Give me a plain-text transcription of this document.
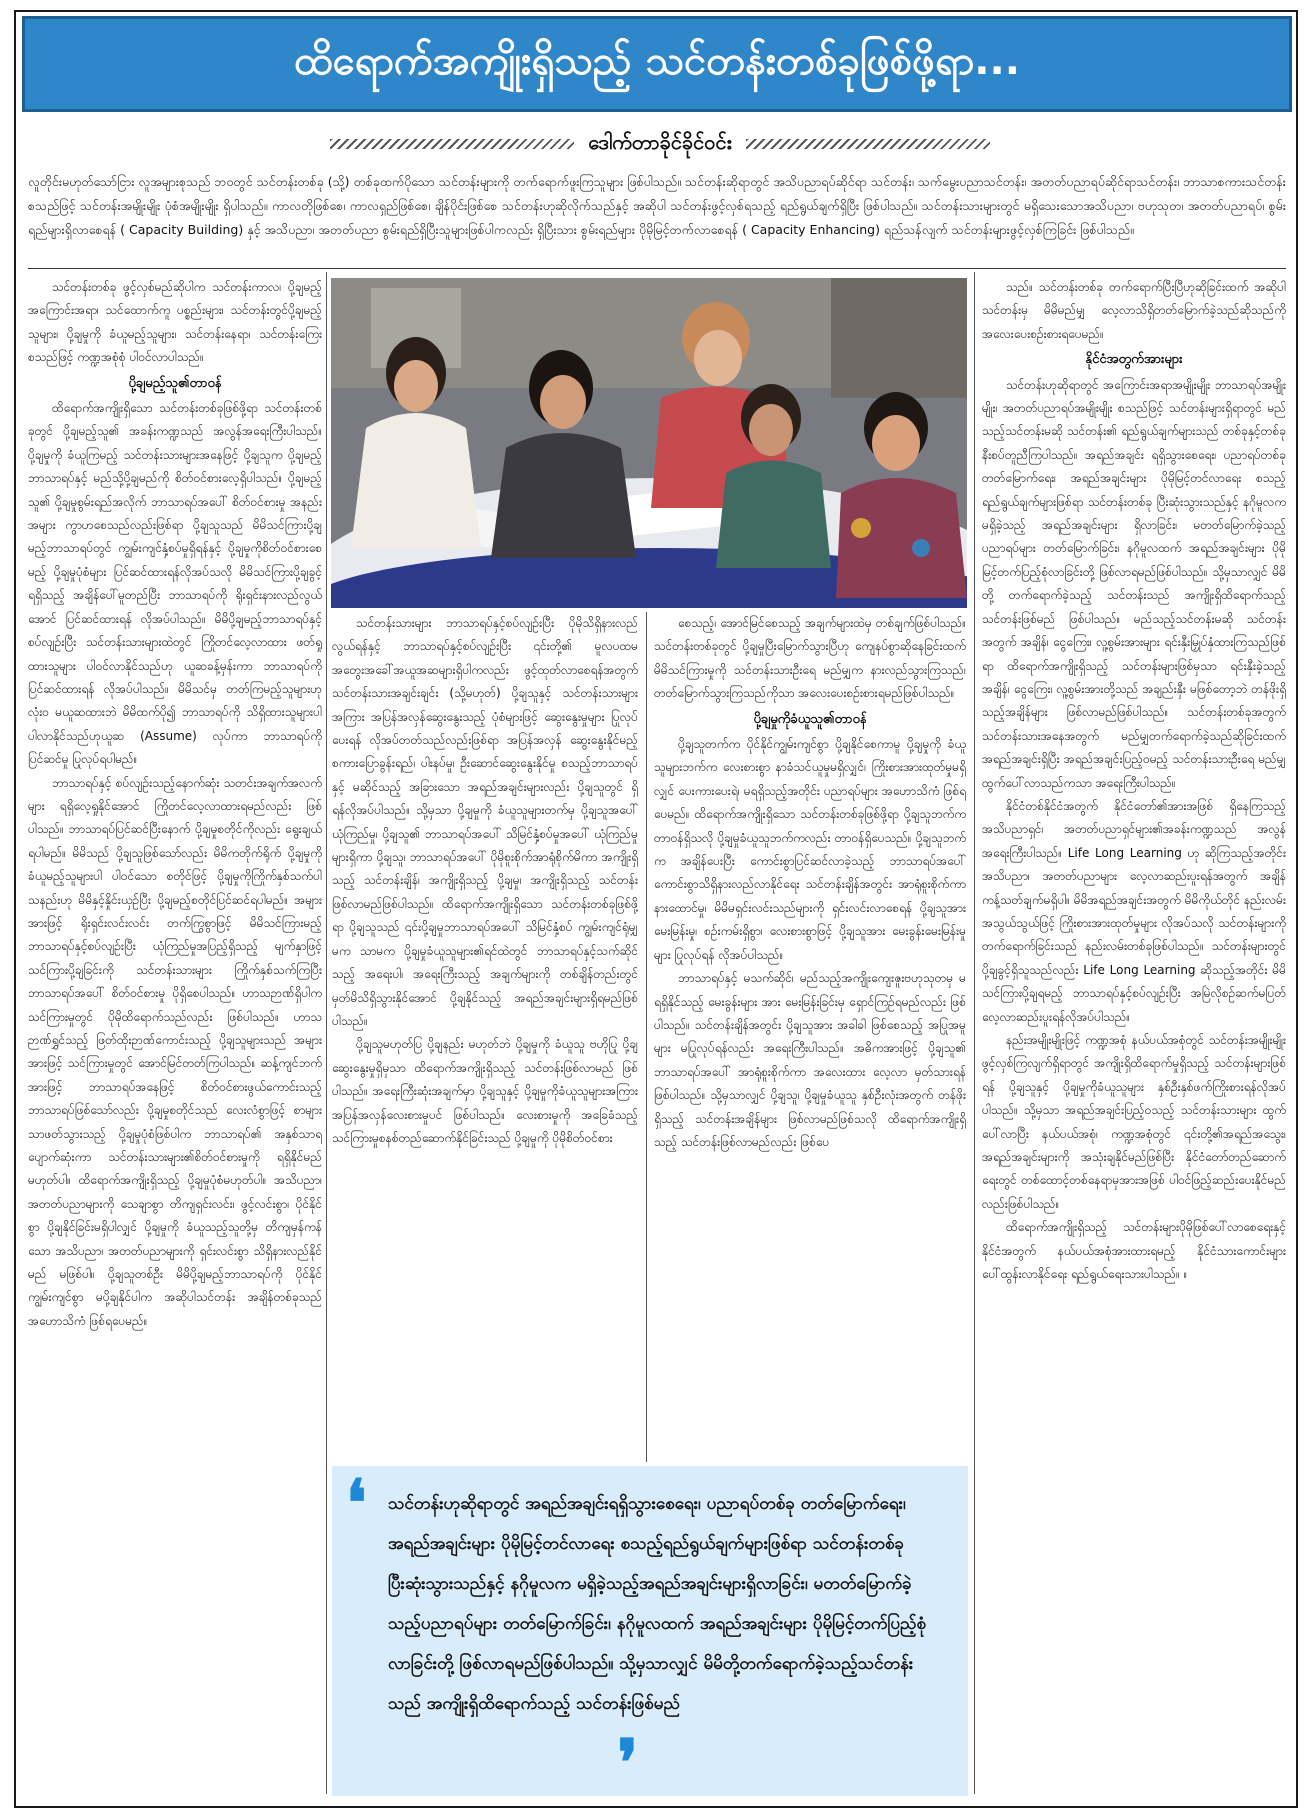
ထိရောက်အကျိုးရှိသည့် သင်တန်းတစ်ခုဖြစ်ဖို့ရာ...
ဒေါက်တာခိုင်ခိုင်ဝင်း
လူတိုင်းမဟုတ်သော်ငြား လူအများစုသည် ဘဝတွင် သင်တန်းတစ်ခု (သို့) တစ်ခုထက်ပိုသော သင်တန်းများကို တက်ရောက်ဖူးကြသူများ ဖြစ်ပါသည်။ သင်တန်းဆိုရာတွင် အသိပညာရပ်ဆိုင်ရာ သင်တန်း၊ သက်မွေးပညာသင်တန်း၊ အတတ်ပညာရပ်ဆိုင်ရာသင်တန်း၊ ဘာသာစကားသင်တန်း စသည်ဖြင့် သင်တန်းအမျိုးမျိုး ပုံစံအမျိုးမျိုး ရှိပါသည်။ ကာလတိုဖြစ်စေ၊ ကာလရှည်ဖြစ်စေ၊ ချိန်ပိုင်းဖြစ်စေ သင်တန်းဟုဆိုလိုက်သည်နှင့် အဆိုပါ သင်တန်းဖွင့်လှစ်ရသည့် ရည်ရွယ်ချက်ရှိပြီး ဖြစ်ပါသည်။ သင်တန်းသားများတွင် မရှိသေးသောအသိပညာ၊ ဗဟုသုတ၊ အတတ်ပညာရပ်၊ စွမ်းရည်များရှိလာစေရန် ( Capacity Building) နှင့် အသိပညာ၊ အတတ်ပညာ စွမ်းရည်ရှိပြီးသူများဖြစ်ပါကလည်း ရှိပြီးသား စွမ်းရည်များ ပိုမိုမြင့်တက်လာစေရန် ( Capacity Enhancing) ရည်သန်လျက် သင်တန်းများဖွင့်လှစ်ကြခြင်း ဖြစ်ပါသည်။

သင်တန်းတစ်ခု ဖွင့်လှစ်မည်ဆိုပါက သင်တန်းကာလ၊ ပို့ချမည့်အကြောင်းအရာ၊ သင်ထောက်ကူ ပစ္စည်းများ၊ သင်တန်းတွင်ပို့ချမည့်သူများ၊ ပို့ချမှုကို ခံယူမည့်သူများ၊ သင်တန်းနေရာ၊ သင်တန်းကြေး စသည်ဖြင့် ကဏ္ဍအစုံစုံ ပါဝင်လာပါသည်။

ပို့ချမည့်သူ၏တာဝန်

ထိရောက်အကျိုးရှိသော သင်တန်းတစ်ခုဖြစ်ဖို့ရာ သင်တန်းတစ်ခုတွင် ပို့ချမည့်သူ၏ အခန်းကဏ္ဍသည် အလွန်အရေးကြီးပါသည်။ ပို့ချမှုကို ခံယူကြမည့် သင်တန်းသားများအနေဖြင့် ပို့ချသူက ပို့ချမည့် ဘာသာရပ်နှင့် မည်သို့ပို့ချမည်ကို စိတ်ဝင်စားလေ့ရှိပါသည်။ ပို့ချမည့်သူ၏ ပို့ချမှုစွမ်းရည်အလိုက် ဘာသာရပ်အပေါ် စိတ်ဝင်စားမှု အနည်းအများ ကွာဟစေသည်လည်းဖြစ်ရာ ပို့ချသူသည် မိမိသင်ကြားပို့ချမည့်ဘာသာရပ်တွင် ကျွမ်းကျင်နှံ့စပ်မှုရှိရန်နှင့် ပို့ချမှုကိုစိတ်ဝင်စားစေမည့် ပို့ချမှုပုံစံများ ပြင်ဆင်ထားရန်လိုအပ်သလို မိမိသင်ကြားပို့ချခွင့်ရရှိသည့် အချိန်ပေါ်မူတည်ပြီး ဘာသာရပ်ကို ရိုးရှင်းနားလည်လွယ်အောင် ပြင်ဆင်ထားရန် လိုအပ်ပါသည်။ မိမိပို့ချမည့်ဘာသာရပ်နှင့် စပ်လျဉ်းပြီး သင်တန်းသားများထဲတွင် ကြိုတင်လေ့လာထား ဖတ်ရှုထားသူများ ပါဝင်လာနိုင်သည်ဟု ယူဆခန့်မှန်းကာ ဘာသာရပ်ကိုပြင်ဆင်ထားရန် လိုအပ်ပါသည်။ မိမိသင်မှ တတ်ကြမည့်သူများဟု လုံးဝ မယူဆထားဘဲ မိမိထက်ပို၍ ဘာသာရပ်ကို သိရှိထားသူများပါ ပါလာနိုင်သည်ဟုယူဆ (Assume) လုပ်ကာ ဘာသာရပ်ကို ပြင်ဆင်မှု ပြုလုပ်ရပါမည်။

ဘာသာရပ်နှင့် စပ်လျဉ်းသည့်နောက်ဆုံး သတင်းအချက်အလက်များ ရရှိလေ့ရှုနိုင်အောင် ကြိုတင်လေ့လာထားရမည်လည်း ဖြစ်ပါသည်။ ဘာသာရပ်ပြင်ဆင်ပြီးနောက် ပို့ချမှုစတိုင်ကိုလည်း ရွေးချယ်ရပါမည်။ မိမိသည် ပို့ချသူဖြစ်သော်လည်း မိမိကတိုက်ရိုက် ပို့ချမှုကိုခံယူမည့်သူများပါ ပါဝင်သော စတိုင်ဖြင့် ပို့ချမှုကိုကြိုက်နှစ်သက်ပါသနည်းဟု မိမိနှင့်နှိုင်းယှဉ်ပြီး ပို့ချမည့်စတိုင်ပြင်ဆင်ရပါမည်။ အများအားဖြင့် ရိုးရှင်းလင်းလင်း တက်ကြွစွာဖြင့် မိမိသင်ကြားမည့် ဘာသာရပ်နှင့်စပ်လျဉ်းပြီး ယုံကြည်မှုအပြည့်ရှိသည့် မျက်နှာဖြင့် သင်ကြားပို့ချခြင်းကို သင်တန်းသားများ ကြိုက်နှစ်သက်ကြပြီး ဘာသာရပ်အပေါ် စိတ်ဝင်စားမှု ပိုရှိစေပါသည်။ ဟာသဉာဏ်ရှိပါက သင်ကြားမှုတွင် ပိုမိုထိရောက်သည်လည်း ဖြစ်ပါသည်။ ဟာသဉာဏ်ရွှင်သည့် ဖြတ်ထိုးဉာဏ်ကောင်းသည့် ပို့ချသူများသည် အများအားဖြင့် သင်ကြားမှုတွင် အောင်မြင်တတ်ကြပါသည်။ ဆန့်ကျင်ဘက်အားဖြင့် ဘာသာရပ်အနေဖြင့် စိတ်ဝင်စားဖွယ်ကောင်းသည့် ဘာသာရပ်ဖြစ်သော်လည်း ပို့ချမှုစတိုင်သည် လေးလံစွာဖြင့် စာများသာဖတ်သွားသည့် ပို့ချမှုပုံစံဖြစ်ပါက ဘာသာရပ်၏ အနှစ်သာရ ပျောက်ဆုံးကာ သင်တန်းသားများ၏စိတ်ဝင်စားမှုကို ရရှိနိုင်မည် မဟုတ်ပါ။ ထိရောက်အကျိုးရှိသည့် ပို့ချမှုပုံစံမဟုတ်ပါ။ အသိပညာ၊ အတတ်ပညာများကို သေချာစွာ တိကျရှင်းလင်း၊ ဖွင့်လင်းစွာ၊ ပိုင်နိုင်စွာ ပို့ချနိုင်ခြင်းမရှိပါလျှင် ပို့ချမှုကို ခံယူသည့်သူတို့မှ တိကျမှန်ကန်သော အသိပညာ၊ အတတ်ပညာများကို ရှင်းလင်းစွာ သိရှိနားလည်နိုင်မည် မဖြစ်ပါ။ ပို့ချသူတစ်ဦး မိမိပို့ချမည့်ဘာသာရပ်ကို ပိုင်နိုင်ကျွမ်းကျင်စွာ မပို့ချနိုင်ပါက အဆိုပါသင်တန်း အချိန်တစ်ခုသည် အဟောသိကံ ဖြစ်ရပေမည်။

သင်တန်းသားများ ဘာသာရပ်နှင့်စပ်လျဉ်းပြီး ပိုမိုသိရှိနားလည်လွယ်ရန်နှင့် ဘာသာရပ်နှင့်စပ်လျဉ်းပြီး ၎င်းတို့၏ မူလပထမအတွေးအခေါ်အယူအဆများရှိပါကလည်း ဖွင့်ထုတ်လာစေရန်အတွက် သင်တန်းသားအချင်းချင်း (သို့မဟုတ်) ပို့ချသူနှင့် သင်တန်းသားများအကြား အပြန်အလှန်ဆွေးနွေးသည့် ပုံစံများဖြင့် ဆွေးနွေးမှုများ ပြုလုပ်ပေးရန် လိုအပ်တတ်သည်လည်းဖြစ်ရာ အပြန်အလှန် ဆွေးနွေးနိုင်မည့် စကားပြောခွန်းရည်၊ ပါးနပ်မှု၊ ဦးဆောင်ဆွေးနွေးနိုင်မှု စသည့်ဘာသာရပ်နှင့် မဆိုင်သည့် အခြားသော အရည်အချင်းများလည်း ပို့ချသူတွင် ရှိရန်လိုအပ်ပါသည်။ သို့မှသာ ပို့ချမှုကို ခံယူသူများတက်မှ ပို့ချသူအပေါ် ယုံကြည်မှု၊ ပို့ချသူ၏ ဘာသာရပ်အပေါ် သိမြင်နှံ့စပ်မှုအပေါ် ယုံကြည်မှုများရှိကာ ပို့ချသူ၊ ဘာသာရပ်အပေါ် ပိုမိုစူးစိုက်အာရုံစိုက်မိကာ အကျိုးရှိသည့် သင်တန်းချိန်၊ အကျိုးရှိသည့် ပို့ချမှု၊ အကျိုးရှိသည့် သင်တန်းဖြစ်လာမည်ဖြစ်ပါသည်။ ထိရောက်အကျိုးရှိသော သင်တန်းတစ်ခုဖြစ်ဖို့ရာ ပို့ချသူသည် ၎င်းပို့ချမှုဘာသာရပ်အပေါ် သိမြင်နှံ့စပ် ကျွမ်းကျင်ရုံမျှမက သာမက ပို့ချမှုခံယူသူများ၏ရင်ထဲတွင် ဘာသာရပ်နှင့်သက်ဆိုင်သည့် အရေးပါ၊ အရေးကြီးသည့် အချက်များကို တစ်ချိန်တည်းတွင် မှတ်မိသိရှိသွားနိုင်အောင် ပို့ချနိုင်သည့် အရည်အချင်းများရှိရမည်ဖြစ်ပါသည်။

ပို့ချသူမဟုတ်ပြ ပို့ချနည်း မဟုတ်ဘဲ ပို့ချမှုကို ခံယူသူ ဗဟိုပြု ပို့ချဆွေးနွေးမှုရှိမှသာ ထိရောက်အကျိုးရှိသည့် သင်တန်းဖြစ်လာမည် ဖြစ်ပါသည်။ အရေးကြီးဆုံးအချက်မှာ ပို့ချသူနှင့် ပို့ချမှုကိုခံယူသူများအကြား အပြန်အလှန်လေးစားမှုပင် ဖြစ်ပါသည်။ လေးစားမှုကို အခြေခံသည့် သင်ကြားမှုစနစ်တည်ဆောက်နိုင်ခြင်းသည် ပို့ချမှုကို ပိုမိုစိတ်ဝင်စား

စေသည့်၊ အောင်မြင်စေသည့် အချက်များထဲမှ တစ်ချက်ဖြစ်ပါသည်။ သင်တန်းတစ်ခုတွင် ပို့ချမှုပြီးမြောက်သွားပြီဟု ကျေနပ်စွာဆိုနေခြင်းထက် မိမိသင်ကြားမှုကို သင်တန်းသားဦးရေ မည်မျှက နားလည်သွားကြသည်၊ တတ်မြောက်သွားကြသည်ကိုသာ အလေးပေးစဉ်းစားရမည်ဖြစ်ပါသည်။

ပို့ချမှုကိုခံယူသူ၏တာဝန်

ပို့ချသူတက်က ပိုင်နိုင်ကျွမ်းကျင်စွာ ပို့ချနိုင်စေကာမူ ပို့ချမှုကို ခံယူသူများဘက်က လေးစားစွာ နာခံသင်ယူမှုမရှိလျှင်၊ ကြိုးစားအားထုတ်မှုမရှိလျှင် ပေးကားပေးရဲ၊ မရရှိသည့်အတိုင်း ပညာရပ်များ အဟောသိကံ ဖြစ်ရပေမည်။ ထိရောက်အကျိုးရှိသော သင်တန်းတစ်ခုဖြစ်ဖို့ရာ ပို့ချသူဘက်က တာဝန်ရှိသလို ပို့ချမှုခံယူသူဘက်ကလည်း တာဝန်ရှိပေသည်။ ပို့ချသူဘက်က အချိန်ပေးပြီး ကောင်းစွာပြင်ဆင်လာခဲ့သည့် ဘာသာရပ်အပေါ် ကောင်းစွာသိရှိနားလည်လာနိုင်ရေး သင်တန်းချိန်အတွင်း အာရုံစူးစိုက်ကာ နားထောင်မှု၊ မိမိမရှင်းလင်းသည်များကို ရှင်းလင်းလာစေရန် ပို့ချသူအား မေးမြန်းမှု၊ စဉ်းကမ်းရှိစွာ၊ လေးစားစွာဖြင့် ပို့ချသူအား မေးခွန်းမေးမြန်းမှုများ ပြုလုပ်ရန် လိုအပ်ပါသည်။

ဘာသာရပ်နှင့် မသက်ဆိုင်၊ မည်သည့်အကျိုးကျေးဇူးဗဟုသုတမှ မရရှိနိုင်သည့် မေးခွန်းများ အား မေးမြန်းခြင်းမှ ရှောင်ကြဉ်ရမည်လည်း ဖြစ်ပါသည်။ သင်တန်းချိန်အတွင်း ပို့ချသူအား အခါခါ ဖြစ်စေသည့် အပြုအမူများ မပြုလုပ်ရန်လည်း အရေးကြီးပါသည်။ အဓိကအားဖြင့် ပို့ချသူ၏ ဘာသာရပ်အပေါ် အာရုံစူးစိုက်ကာ အလေးထား လေ့လာ မှတ်သားရန် ဖြစ်ပါသည်။ သို့မှသာလျှင် ပို့ချသူ၊ ပို့ချမှုခံယူသူ နှစ်ဦးလုံးအတွက် တန်ဖိုးရှိသည့် သင်တန်းအချိန်များ ဖြစ်လာမည်ဖြစ်သလို ထိရောက်အကျိုးရှိသည့် သင်တန်းဖြစ်လာမည်လည်း ဖြစ်ပေ

သည်။ သင်တန်းတစ်ခု တက်ရောက်ပြီးပြီဟုဆိုခြင်းထက် အဆိုပါသင်တန်းမှ မိမိမည်မျှ လေ့လာသိရှိတတ်မြောက်ခဲ့သည်ဆိုသည်ကို အလေးပေးစဉ်းစားရပေမည်။

နိုင်ငံအတွက်အားများ

သင်တန်းဟုဆိုရာတွင် အကြောင်းအရာအမျိုးမျိုး ဘာသာရပ်အမျိုးမျိုး၊ အတတ်ပညာရပ်အမျိုးမျိုး စသည်ဖြင့် သင်တန်းများရှိရာတွင် မည်သည့်သင်တန်းမဆို သင်တန်း၏ ရည်ရွယ်ချက်များသည် တစ်ခုနှင့်တစ်ခု နီးစပ်တူညီကြပါသည်။ အရည်အချင်း ရရှိသွားစေရေး၊ ပညာရပ်တစ်ခု တတ်မြောက်ရေး၊ အရည်အချင်းများ ပိုမိုမြင့်တင်လာရေး စသည့် ရည်ရွယ်ချက်များဖြစ်ရာ သင်တန်းတစ်ခု ပြီးဆုံးသွားသည်နှင့် နဂိုမူလက မရှိခဲ့သည့် အရည်အချင်းများ ရှိလာခြင်း၊ မတတ်မြောက်ခဲ့သည့် ပညာရပ်များ တတ်မြောက်ခြင်း၊ နဂိုမူလထက် အရည်အချင်းများ ပိုမိုမြင့်တက်ပြည့်စုံလာခြင်းတို့ ဖြစ်လာရမည်ဖြစ်ပါသည်။ သို့မှသာလျှင် မိမိတို့ တက်ရောက်ခဲ့သည့် သင်တန်းသည် အကျိုးရှိထိရောက်သည့် သင်တန်းဖြစ်မည် ဖြစ်ပါသည်။ မည်သည့်သင်တန်းမဆို သင်တန်းအတွက် အချိန်၊ ငွေကြေး၊ လူ့စွမ်းအားများ ရင်းနှီးမြှုပ်နှံထားကြသည်ဖြစ်ရာ ထိရောက်အကျိုးရှိသည့် သင်တန်းများဖြစ်မှသာ ရင်းနှီးခဲ့သည့် အချိန်၊ ငွေကြေး၊ လူ့စွမ်းအားတို့သည် အချည်းနှီး မဖြစ်တော့ဘဲ တန်ဖိုးရှိသည့်အချိန်များ ဖြစ်လာမည်ဖြစ်ပါသည်။ သင်တန်းတစ်ခုအတွက် သင်တန်းသားအနေအတွက် မည်မျှတက်ရောက်ခဲ့သည်ဆိုခြင်းထက် အရည်အချင်းရှိပြီး အရည်အချင်းပြည့်ဝမည့် သင်တန်းသားဦးရေ မည်မျှထွက်ပေါ်လာသည်ကသာ အရေးကြီးပါသည်။

နိုင်ငံတစ်နိုင်ငံအတွက် နိုင်ငံတော်၏အားအဖြစ် ရှိနေကြသည့် အသိပညာရှင်၊ အတတ်ပညာရှင်များ၏အခန်းကဏ္ဍသည် အလွန်အရေးကြီးပါသည်။ Life Long Learning ဟု ဆိုကြသည့်အတိုင်း အသိပညာ၊ အတတ်ပညာများ လေ့လာဆည်းပူးရန်အတွက် အချိန်ကန့်သတ်ချက်မရှိပါ။ မိမိအရည်အချင်းအတွက် မိမိကိုယ်တိုင် နည်းလမ်းအသွယ်သွယ်ဖြင့် ကြိုးစားအားထုတ်မှုများ လိုအပ်သလို သင်တန်းများကို တက်ရောက်ခြင်းသည် နည်းလမ်းတစ်ခုဖြစ်ပါသည်။ သင်တန်းများတွင် ပို့ချခွင့်ရှိသူသည်လည်း Life Long Learning ဆိုသည့်အတိုင်း မိမိသင်ကြားပို့ချရမည့် ဘာသာရပ်နှင့်စပ်လျဉ်းပြီး အမြဲလိုစဉ်ဆက်မပြတ် လေ့လာဆည်းပူးရန်လိုအပ်ပါသည်။

နည်းအမျိုးမျိုးဖြင့် ကဏ္ဍအစုံ နယ်ပယ်အစုံတွင် သင်တန်းအမျိုးမျိုး ဖွင့်လှစ်ကြလျက်ရှိရာတွင် အကျိုးရှိထိရောက်မှုရှိသည့် သင်တန်းများဖြစ်ရန် ပို့ချသူနှင့် ပို့ချမှုကိုခံယူသူများ နှစ်ဦးနှစ်ဖက်ကြိုးစားရန်လိုအပ်ပါသည်။ သို့မှသာ အရည်အချင်းပြည့်ဝသည့် သင်တန်းသားများ ထွက်ပေါ်လာပြီး နယ်ပယ်အစုံ၊ ကဏ္ဍအစုံတွင် ၎င်းတို့၏အရည်အသွေး၊ အရည်အချင်းများကို အသုံးချနိုင်မည်ဖြစ်ပြီး နိုင်ငံတော်တည်ဆောက်ရေးတွင် တစ်ထောင့်တစ်နေရာမှအားအဖြစ် ပါဝင်ဖြည့်ဆည်းပေးနိုင်မည် လည်းဖြစ်ပါသည်။

ထိရောက်အကျိုးရှိသည့် သင်တန်းများပိုမိုဖြစ်ပေါ်လာစေရေးနှင့် နိုင်ငံအတွက် နယ်ပယ်အစုံအားထားရမည့် နိုင်ငံသားကောင်းများ ပေါ်ထွန်းလာနိုင်ရေး ရည်ရွယ်ရေးသားပါသည်။ ။

❛ သင်တန်းဟုဆိုရာတွင် အရည်အချင်းရရှိသွားစေရေး၊ ပညာရပ်တစ်ခု တတ်မြောက်ရေး၊ အရည်အချင်းများ ပိုမိုမြင့်တင်လာရေး စသည့်ရည်ရွယ်ချက်များဖြစ်ရာ သင်တန်းတစ်ခုပြီးဆုံးသွားသည်နှင့် နဂိုမူလက မရှိခဲ့သည့်အရည်အချင်းများရှိလာခြင်း၊ မတတ်မြောက်ခဲ့သည့်ပညာရပ်များ တတ်မြောက်ခြင်း၊ နဂိုမူလထက် အရည်အချင်းများ ပိုမိုမြင့်တက်ပြည့်စုံလာခြင်းတို့ ဖြစ်လာရမည်ဖြစ်ပါသည်။ သို့မှသာလျှင် မိမိတို့တက်ရောက်ခဲ့သည့်သင်တန်းသည် အကျိုးရှိထိရောက်သည့် သင်တန်းဖြစ်မည်
❜
